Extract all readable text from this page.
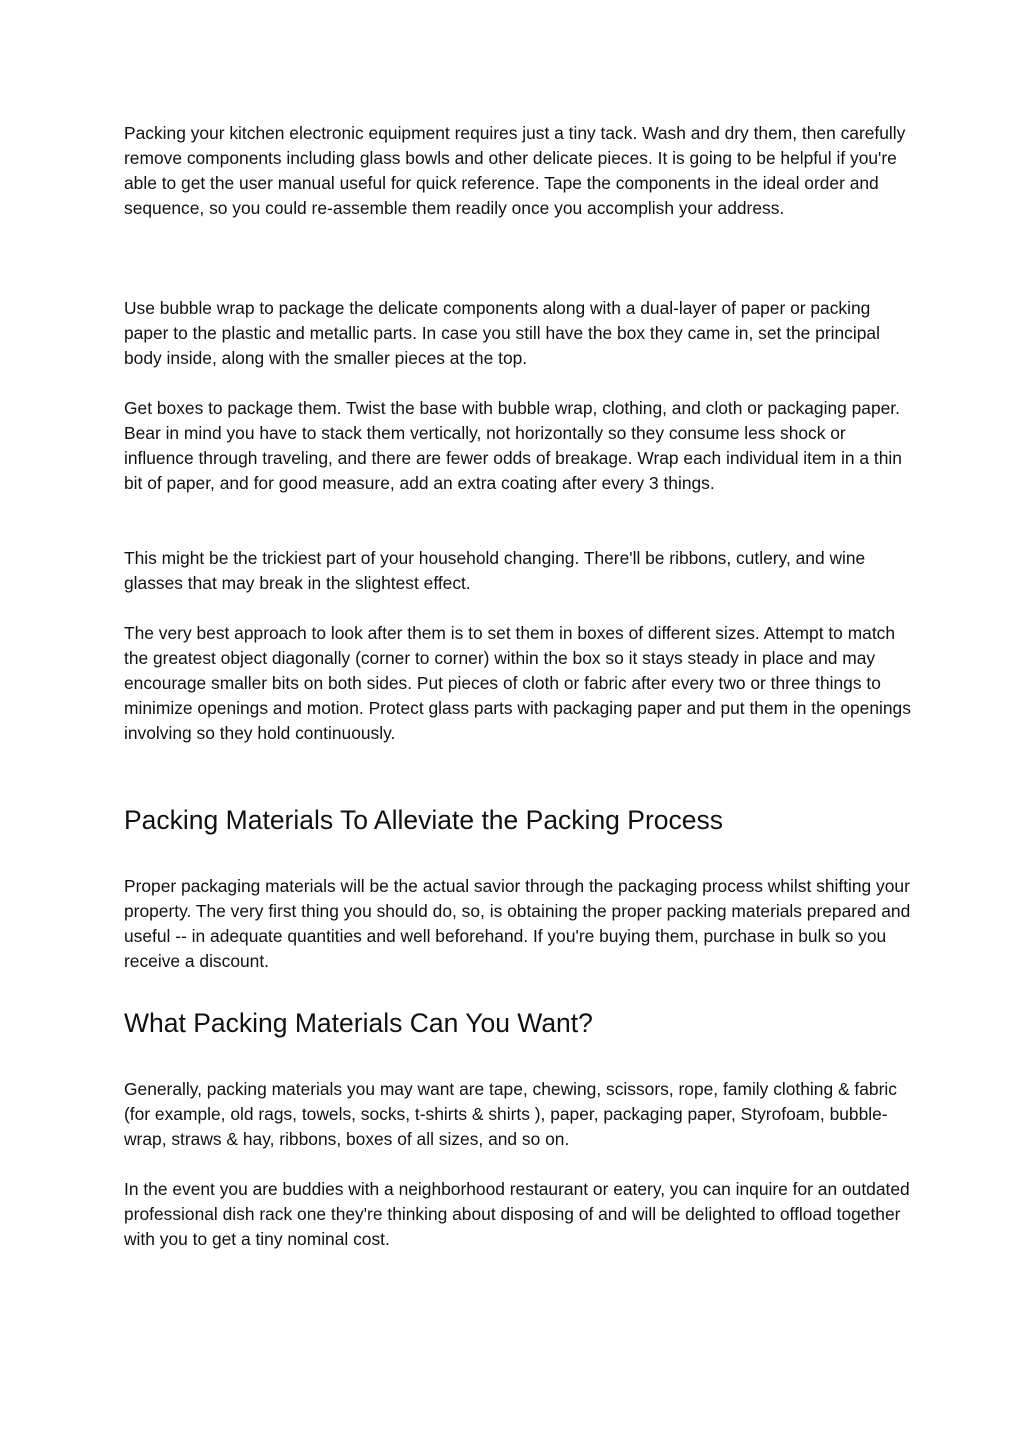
Packing your kitchen electronic equipment requires just a tiny tack. Wash and dry them, then carefully remove components including glass bowls and other delicate pieces. It is going to be helpful if you're able to get the user manual useful for quick reference. Tape the components in the ideal order and sequence, so you could re-assemble them readily once you accomplish your address.

Use bubble wrap to package the delicate components along with a dual-layer of paper or packing paper to the plastic and metallic parts. In case you still have the box they came in, set the principal body inside, along with the smaller pieces at the top.

Get boxes to package them. Twist the base with bubble wrap, clothing, and cloth or packaging paper. Bear in mind you have to stack them vertically, not horizontally so they consume less shock or influence through traveling, and there are fewer odds of breakage. Wrap each individual item in a thin bit of paper, and for good measure, add an extra coating after every 3 things.

This might be the trickiest part of your household changing. There'll be ribbons, cutlery, and wine glasses that may break in the slightest effect.

The very best approach to look after them is to set them in boxes of different sizes. Attempt to match the greatest object diagonally (corner to corner) within the box so it stays steady in place and may encourage smaller bits on both sides. Put pieces of cloth or fabric after every two or three things to minimize openings and motion. Protect glass parts with packaging paper and put them in the openings involving so they hold continuously.

Packing Materials To Alleviate the Packing Process

Proper packaging materials will be the actual savior through the packaging process whilst shifting your property. The very first thing you should do, so, is obtaining the proper packing materials prepared and useful -- in adequate quantities and well beforehand. If you're buying them, purchase in bulk so you receive a discount.

What Packing Materials Can You Want?

Generally, packing materials you may want are tape, chewing, scissors, rope, family clothing & fabric (for example, old rags, towels, socks, t-shirts & shirts ), paper, packaging paper, Styrofoam, bubble-wrap, straws & hay, ribbons, boxes of all sizes, and so on.

In the event you are buddies with a neighborhood restaurant or eatery, you can inquire for an outdated professional dish rack one they're thinking about disposing of and will be delighted to offload together with you to get a tiny nominal cost.
